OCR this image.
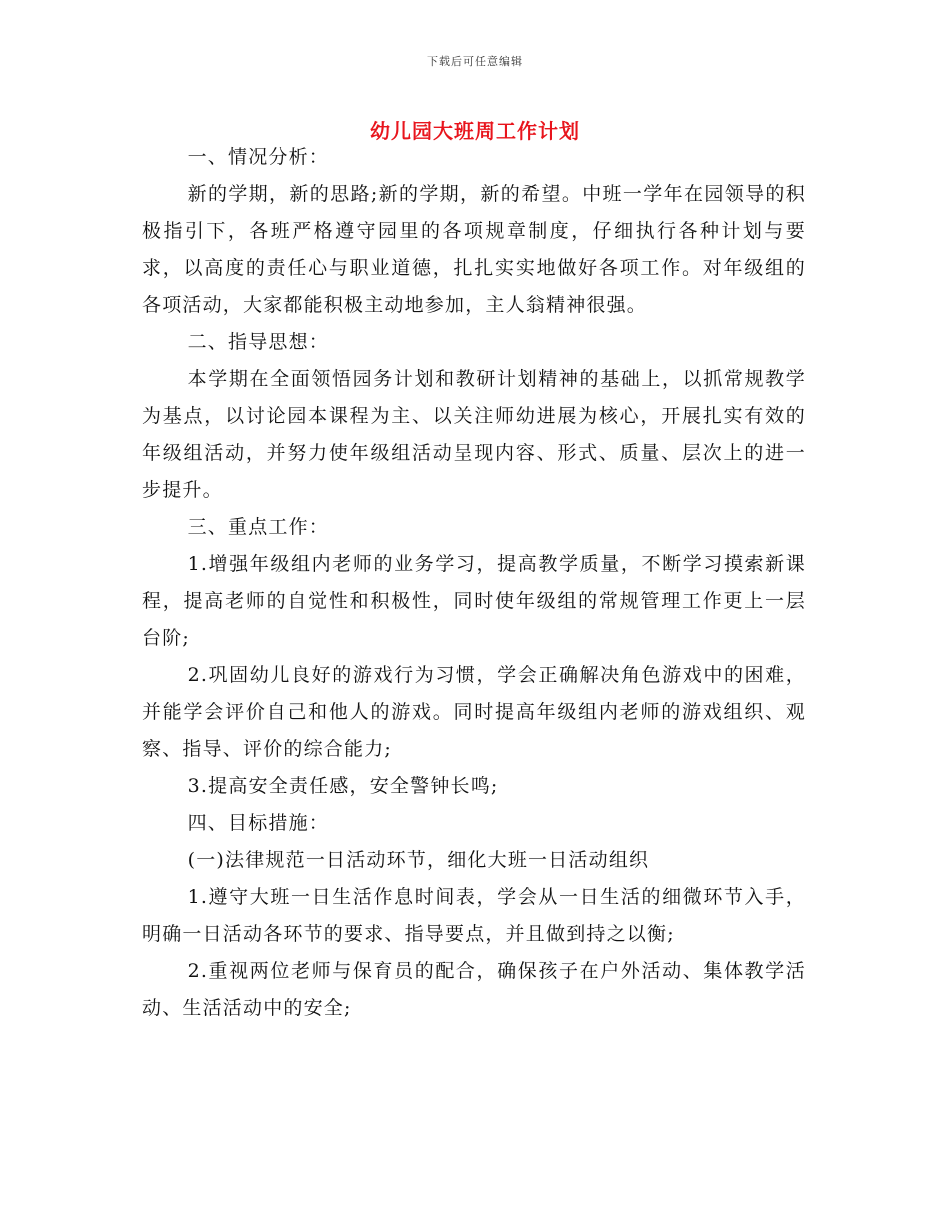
下载后可任意编辑
幼儿园大班周工作计划

一、情况分析：

新的学期，新的思路;新的学期，新的希望。中班一学年在园领导的积极指引下，各班严格遵守园里的各项规章制度，仔细执行各种计划与要求，以高度的责任心与职业道德，扎扎实实地做好各项工作。对年级组的各项活动，大家都能积极主动地参加，主人翁精神很强。

二、指导思想：

本学期在全面领悟园务计划和教研计划精神的基础上，以抓常规教学为基点，以讨论园本课程为主、以关注师幼进展为核心，开展扎实有效的年级组活动，并努力使年级组活动呈现内容、形式、质量、层次上的进一步提升。

三、重点工作：

1.增强年级组内老师的业务学习，提高教学质量，不断学习摸索新课程，提高老师的自觉性和积极性，同时使年级组的常规管理工作更上一层台阶;

2.巩固幼儿良好的游戏行为习惯，学会正确解决角色游戏中的困难，并能学会评价自己和他人的游戏。同时提高年级组内老师的游戏组织、观察、指导、评价的综合能力;

3.提高安全责任感，安全警钟长鸣;

四、目标措施：

(一)法律规范一日活动环节，细化大班一日活动组织

1.遵守大班一日生活作息时间表，学会从一日生活的细微环节入手，明确一日活动各环节的要求、指导要点，并且做到持之以衡;

2.重视两位老师与保育员的配合，确保孩子在户外活动、集体教学活动、生活活动中的安全;
